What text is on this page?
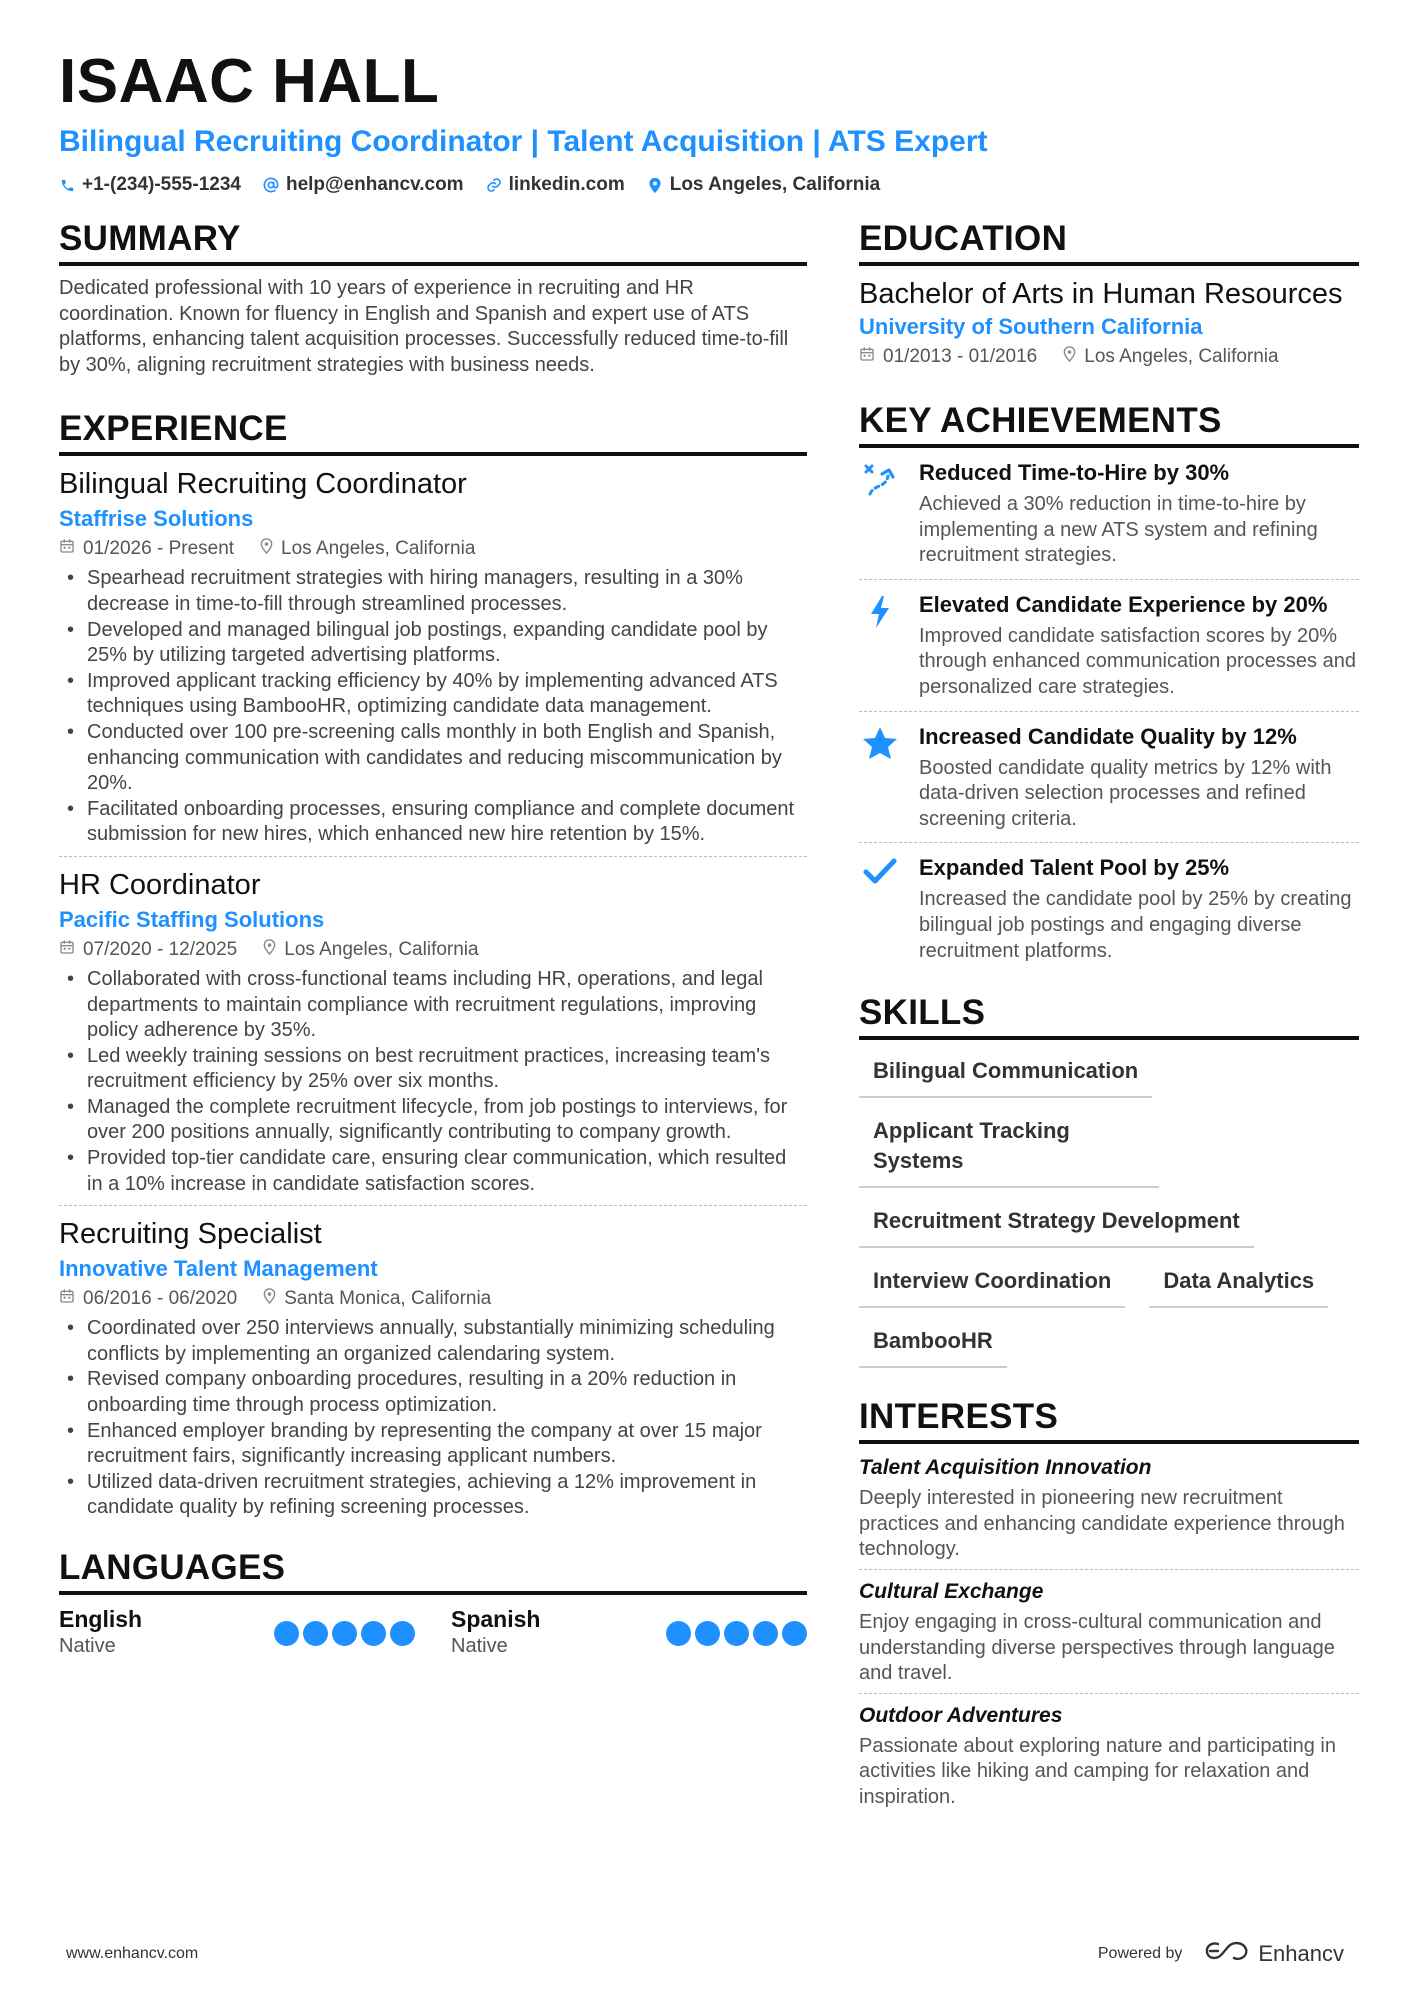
ISAAC HALL
Bilingual Recruiting Coordinator | Talent Acquisition | ATS Expert
+1-(234)-555-1234 help@enhancv.com linkedin.com Los Angeles, California
SUMMARY
Dedicated professional with 10 years of experience in recruiting and HR coordination. Known for fluency in English and Spanish and expert use of ATS platforms, enhancing talent acquisition processes. Successfully reduced time-to-fill by 30%, aligning recruitment strategies with business needs.
EXPERIENCE
Bilingual Recruiting Coordinator
Staffrise Solutions
01/2026 - Present Los Angeles, California
• Spearhead recruitment strategies with hiring managers, resulting in a 30% decrease in time-to-fill through streamlined processes.
• Developed and managed bilingual job postings, expanding candidate pool by 25% by utilizing targeted advertising platforms.
• Improved applicant tracking efficiency by 40% by implementing advanced ATS techniques using BambooHR, optimizing candidate data management.
• Conducted over 100 pre-screening calls monthly in both English and Spanish, enhancing communication with candidates and reducing miscommunication by 20%.
• Facilitated onboarding processes, ensuring compliance and complete document submission for new hires, which enhanced new hire retention by 15%.
HR Coordinator
Pacific Staffing Solutions
07/2020 - 12/2025 Los Angeles, California
• Collaborated with cross-functional teams including HR, operations, and legal departments to maintain compliance with recruitment regulations, improving policy adherence by 35%.
• Led weekly training sessions on best recruitment practices, increasing team's recruitment efficiency by 25% over six months.
• Managed the complete recruitment lifecycle, from job postings to interviews, for over 200 positions annually, significantly contributing to company growth.
• Provided top-tier candidate care, ensuring clear communication, which resulted in a 10% increase in candidate satisfaction scores.
Recruiting Specialist
Innovative Talent Management
06/2016 - 06/2020 Santa Monica, California
• Coordinated over 250 interviews annually, substantially minimizing scheduling conflicts by implementing an organized calendaring system.
• Revised company onboarding procedures, resulting in a 20% reduction in onboarding time through process optimization.
• Enhanced employer branding by representing the company at over 15 major recruitment fairs, significantly increasing applicant numbers.
• Utilized data-driven recruitment strategies, achieving a 12% improvement in candidate quality by refining screening processes.
LANGUAGES
English
Native
Spanish
Native
EDUCATION
Bachelor of Arts in Human Resources
University of Southern California
01/2013 - 01/2016 Los Angeles, California
KEY ACHIEVEMENTS
Reduced Time-to-Hire by 30%
Achieved a 30% reduction in time-to-hire by implementing a new ATS system and refining recruitment strategies.
Elevated Candidate Experience by 20%
Improved candidate satisfaction scores by 20% through enhanced communication processes and personalized care strategies.
Increased Candidate Quality by 12%
Boosted candidate quality metrics by 12% with data-driven selection processes and refined screening criteria.
Expanded Talent Pool by 25%
Increased the candidate pool by 25% by creating bilingual job postings and engaging diverse recruitment platforms.
SKILLS
Bilingual Communication
Applicant Tracking Systems
Recruitment Strategy Development
Interview Coordination	Data Analytics
BambooHR
INTERESTS
Talent Acquisition Innovation
Deeply interested in pioneering new recruitment practices and enhancing candidate experience through technology.
Cultural Exchange
Enjoy engaging in cross-cultural communication and understanding diverse perspectives through language and travel.
Outdoor Adventures
Passionate about exploring nature and participating in activities like hiking and camping for relaxation and inspiration.
www.enhancv.com	Powered by	Enhancv
